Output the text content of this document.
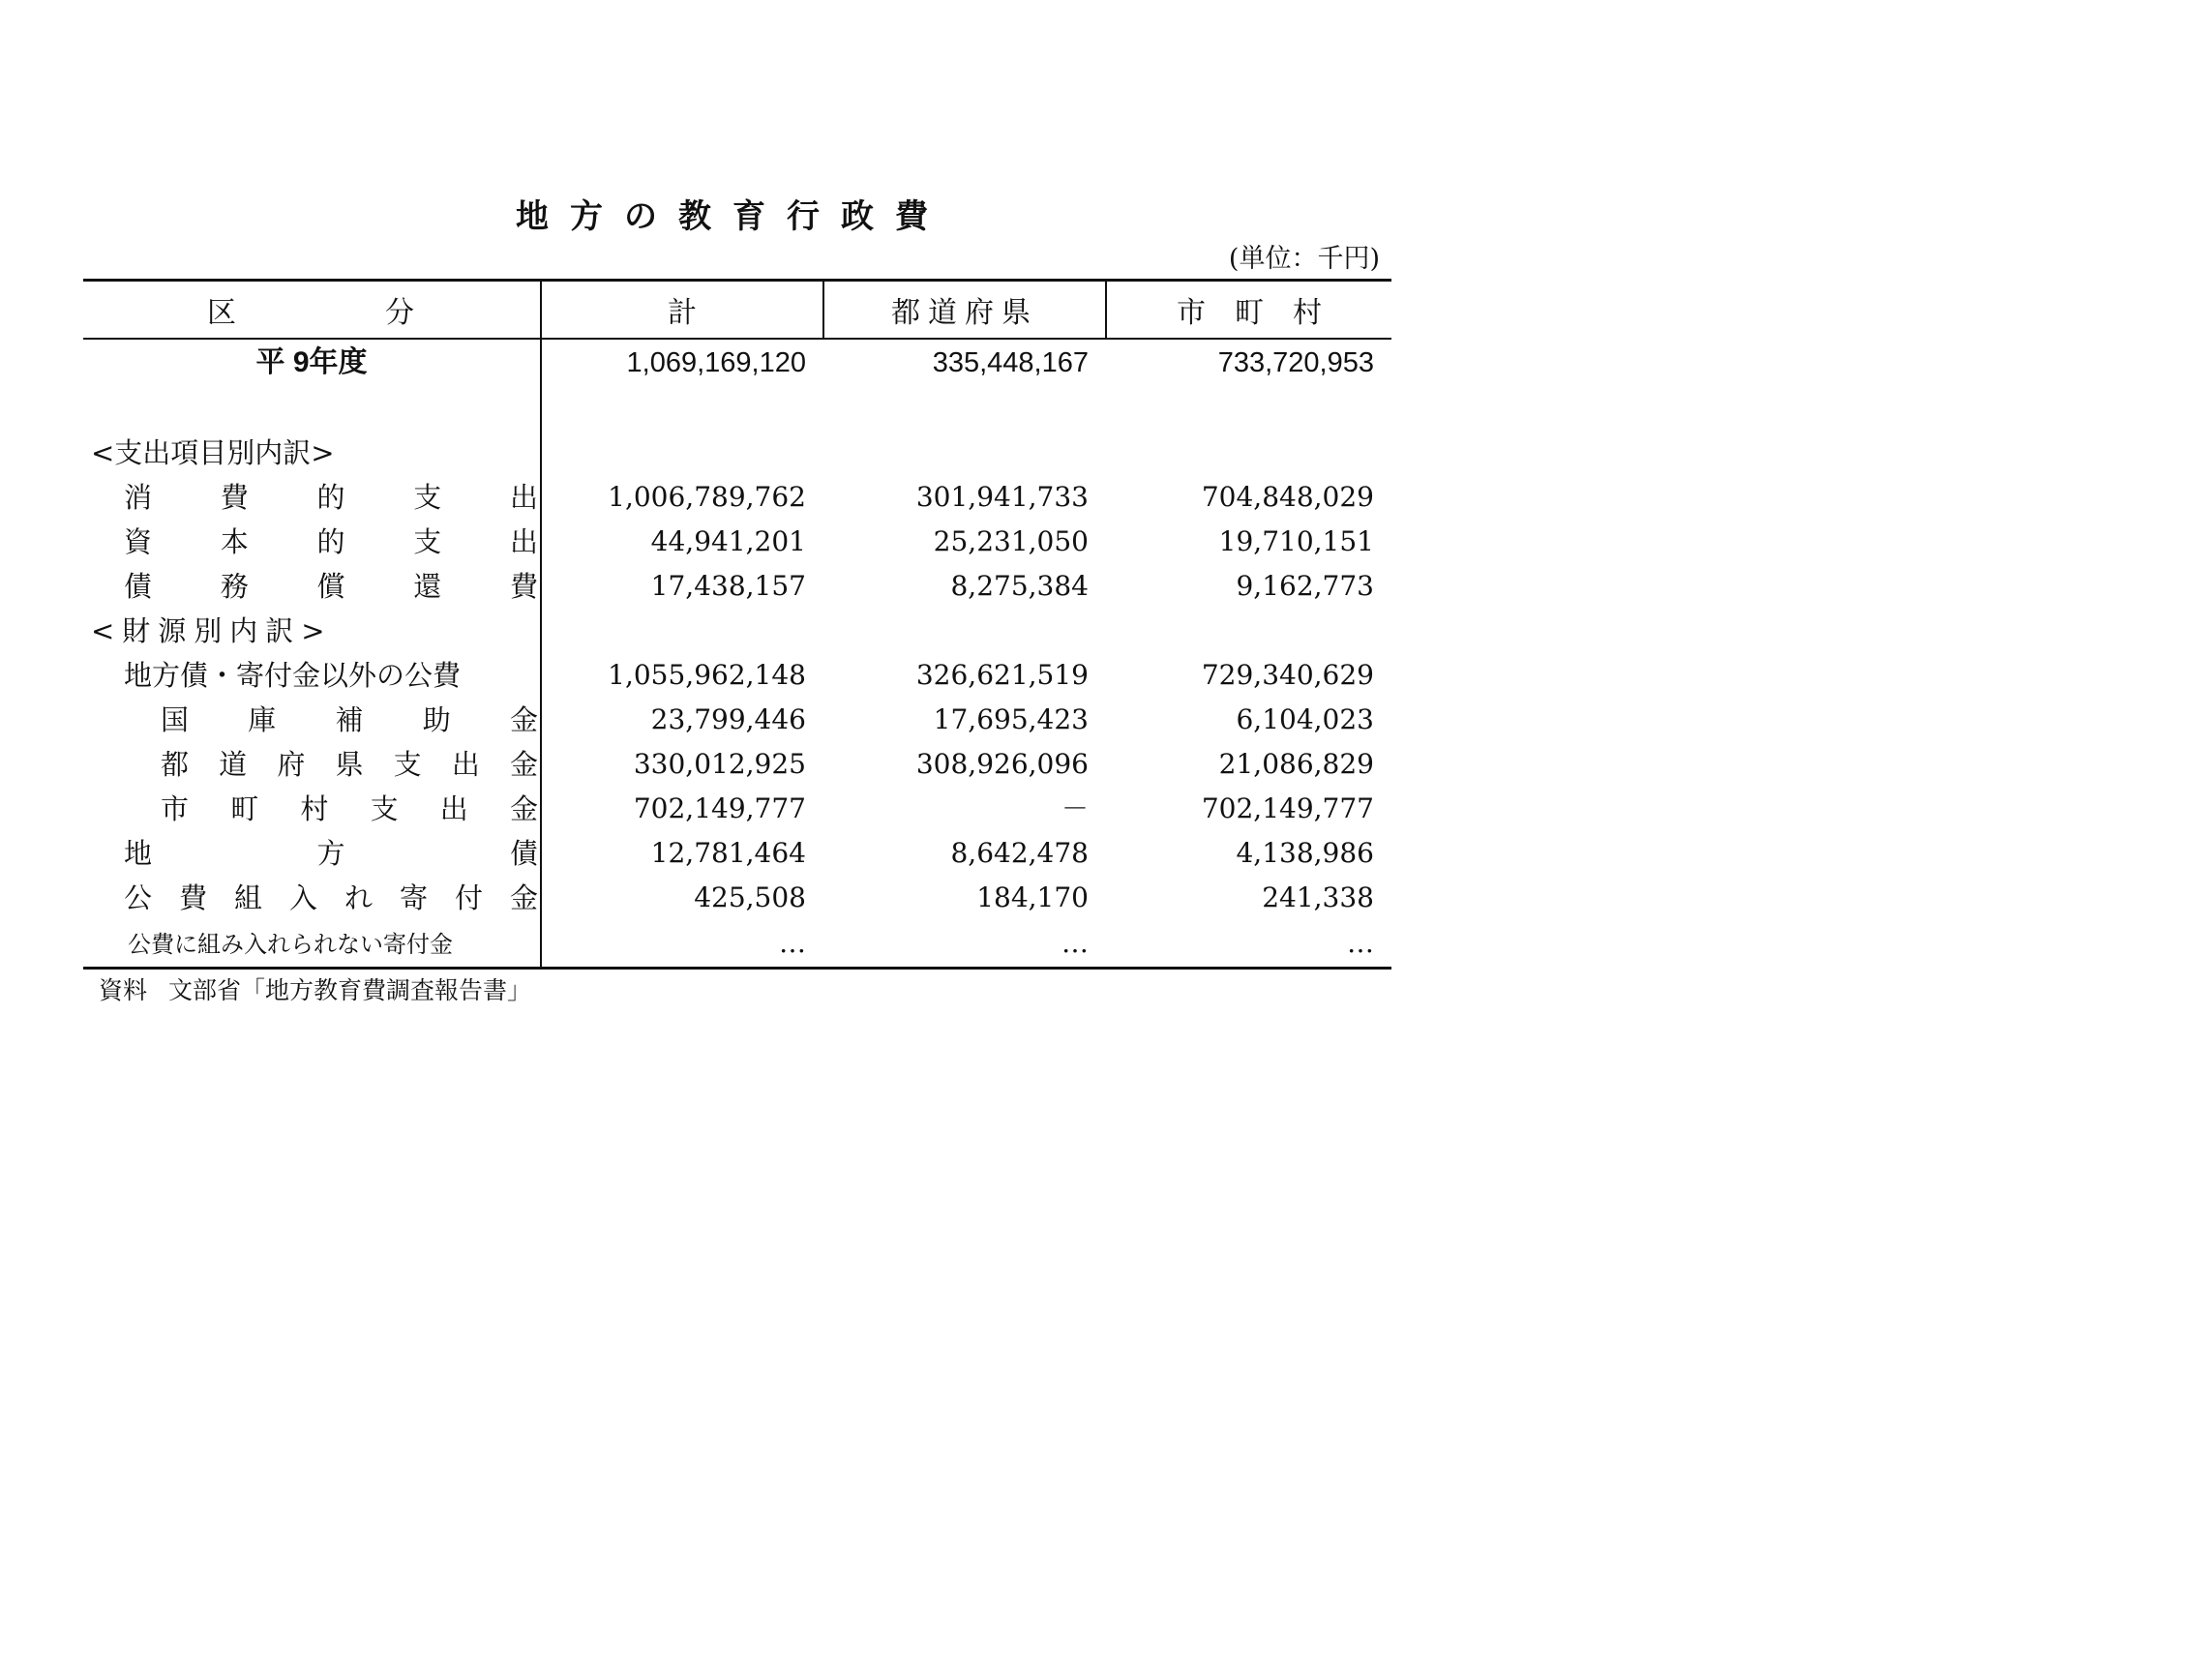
地方の教育行政費
(単位：千円)
区分	計	都道府県	市町村
平 9年度	1,069,169,120	335,448,167	733,720,953

<支出項目別内訳>			

消費的支出	1,006,789,762	301,941,733	704,848,029

資本的支出	44,941,201	25,231,050	19,710,151

債務償還費	17,438,157	8,275,384	9,162,773
<財源別内訳>			
地方債・寄付金以外の公費	1,055,962,148	326,621,519	729,340,629

国庫補助金	23,799,446	17,695,423	6,104,023

都道府県支出金	330,012,925	308,926,096	21,086,829

市町村支出金	702,149,777	－	702,149,777

地方債	12,781,464	8,642,478	4,138,986

公費組入れ寄付金	425,508	184,170	241,338
公費に組み入れられない寄付金	…	…	…
資料 文部省「地方教育費調査報告書」
